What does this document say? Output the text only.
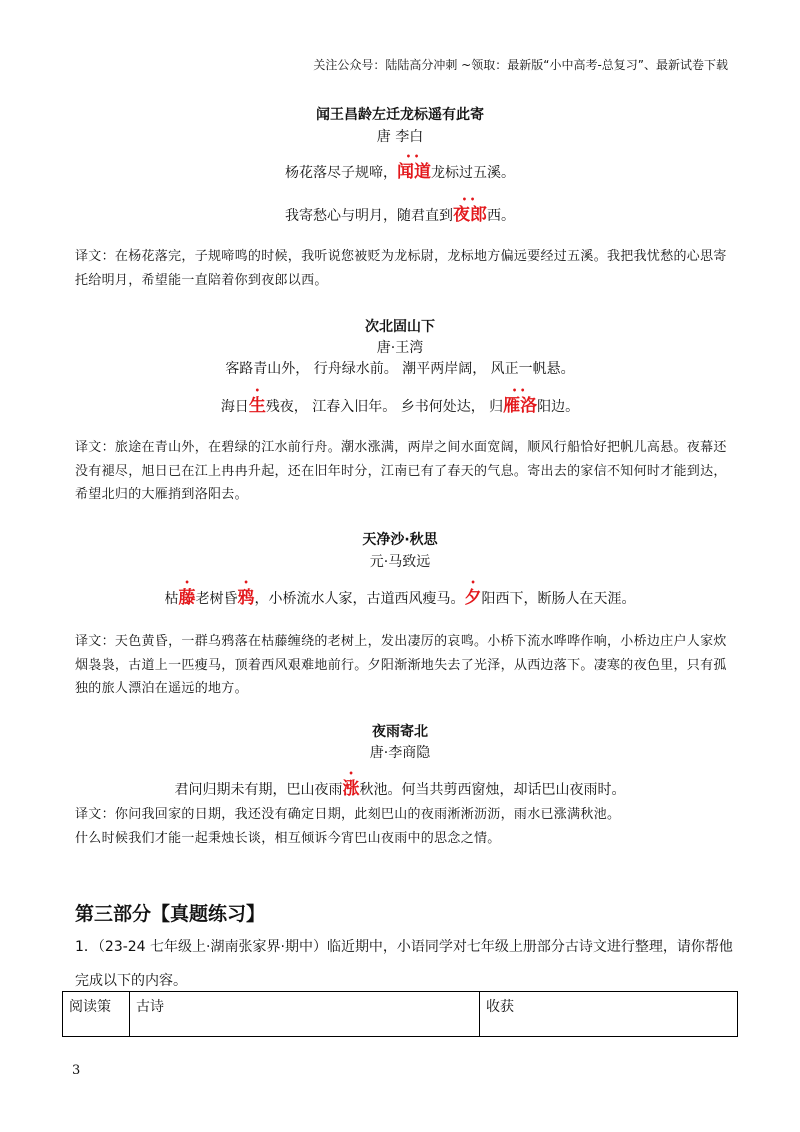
关注公众号：陆陆高分冲刺 ~领取：最新版“小中高考-总复习”、最新试卷下载
闻王昌龄左迁龙标遥有此寄
唐 李白
杨花落尽子规啼，•• 闻道龙标过五溪。
我寄愁心与明月，随君直到•• 夜郎西。
译文：在杨花落完，子规啼鸣的时候，我听说您被贬为龙标尉，龙标地方偏远要经过五溪。我把我忧愁的心思寄托给明月，希望能一直陪着你到夜郎以西。
次北固山下
唐·王湾
客路青山外， 行舟绿水前。 潮平两岸阔， 风正一帆悬。
海日生残夜， 江春入旧年。 乡书何处达， 归•• 雁洛阳边。
译文：旅途在青山外，在碧绿的江水前行舟。潮水涨满，两岸之间水面宽阔，顺风行船恰好把帆儿高悬。夜幕还没有褪尽，旭日已在江上冉冉升起，还在旧年时分，江南已有了春天的气息。寄出去的家信不知何时才能到达，希望北归的大雁捎到洛阳去。
天净沙·秋思
元·马致远
枯藤老树昏鸦，小桥流水人家，古道西风瘦马。夕阳西下，断肠人在天涯。
译文：天色黄昏，一群乌鸦落在枯藤缠绕的老树上，发出凄厉的哀鸣。小桥下流水哗哗作响，小桥边庄户人家炊烟袅袅，古道上一匹瘦马，顶着西风艰难地前行。夕阳渐渐地失去了光泽，从西边落下。凄寒的夜色里，只有孤独的旅人漂泊在遥远的地方。
夜雨寄北
唐·李商隐
君问归期未有期，巴山夜雨涨秋池。何当共剪西窗烛，却话巴山夜雨时。
译文：你问我回家的日期，我还没有确定日期，此刻巴山的夜雨淅淅沥沥，雨水已涨满秋池。
什么时候我们才能一起秉烛长谈，相互倾诉今宵巴山夜雨中的思念之情。
第三部分【真题练习】
1．（23-24 七年级上·湖南张家界·期中）临近期中，小语同学对七年级上册部分古诗文进行整理，请你帮他完成以下的内容。
阅读策	古诗	收获
3
